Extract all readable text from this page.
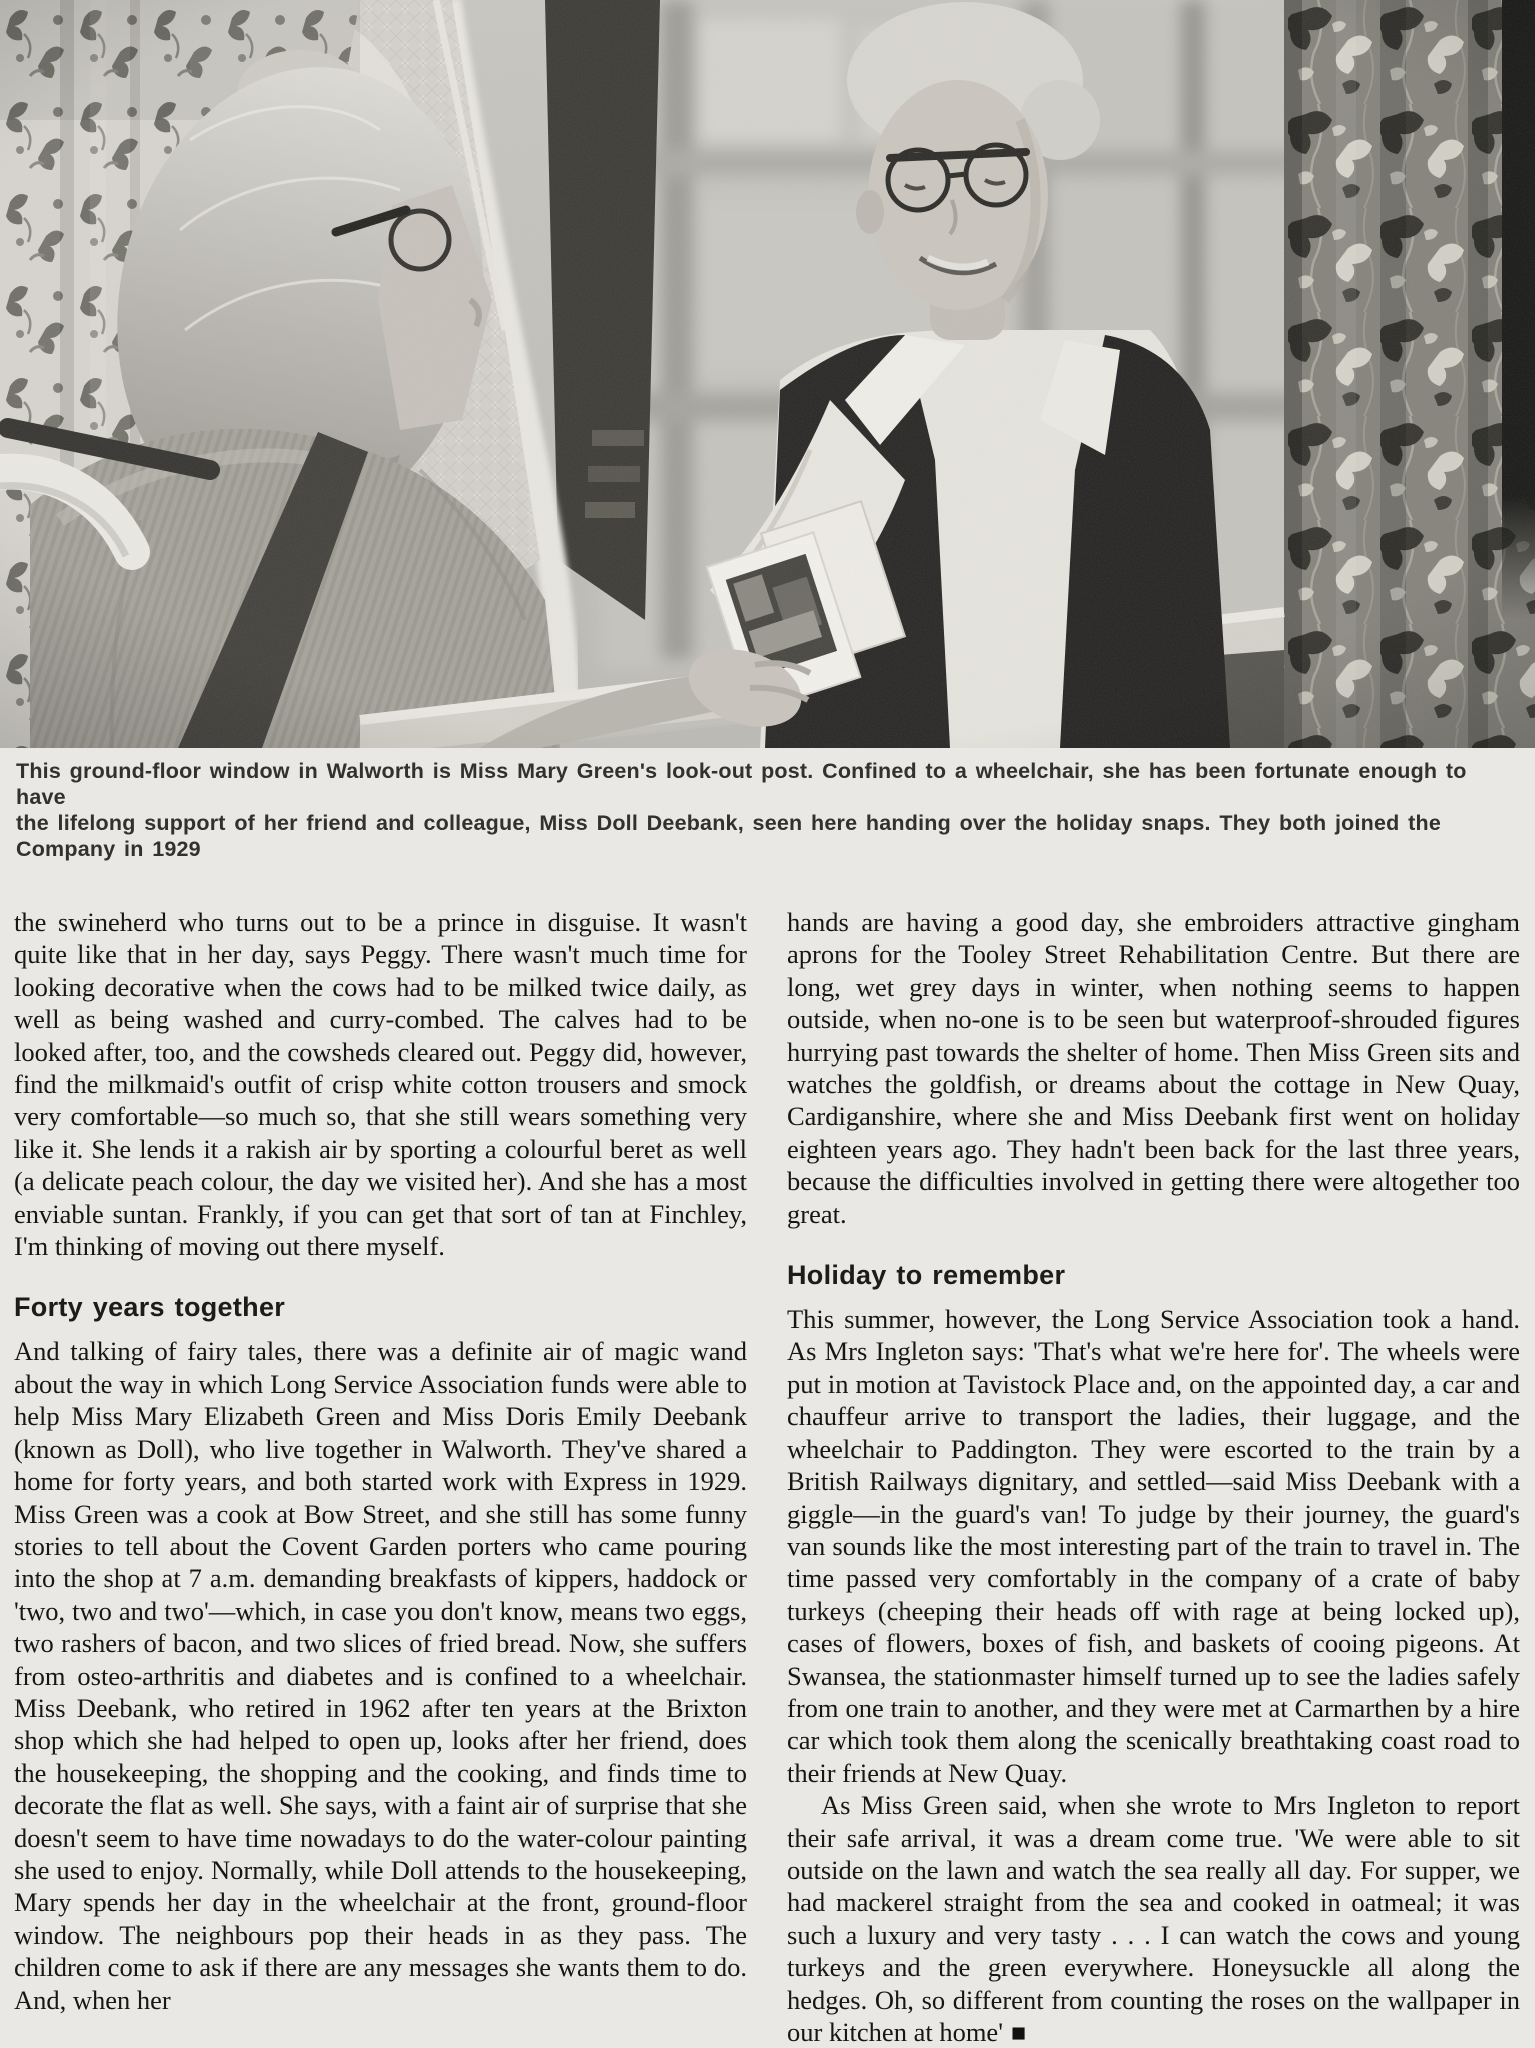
This ground-floor window in Walworth is Miss Mary Green's look-out post. Confined to a wheelchair, she has been fortunate enough to have
the lifelong support of her friend and colleague, Miss Doll Deebank, seen here handing over the holiday snaps. They both joined the Company in 1929

the swineherd who turns out to be a prince in disguise. It wasn't quite like that in her day, says Peggy. There wasn't much time for looking decorative when the cows had to be milked twice daily, as well as being washed and curry-combed. The calves had to be looked after, too, and the cowsheds cleared out. Peggy did, however, find the milkmaid's outfit of crisp white cotton trousers and smock very comfortable—so much so, that she still wears something very like it. She lends it a rakish air by sporting a colourful beret as well (a delicate peach colour, the day we visited her). And she has a most enviable suntan. Frankly, if you can get that sort of tan at Finchley, I'm thinking of moving out there myself.

Forty years together

And talking of fairy tales, there was a definite air of magic wand about the way in which Long Service Association funds were able to help Miss Mary Elizabeth Green and Miss Doris Emily Deebank (known as Doll), who live together in Walworth. They've shared a home for forty years, and both started work with Express in 1929. Miss Green was a cook at Bow Street, and she still has some funny stories to tell about the Covent Garden porters who came pouring into the shop at 7 a.m. demanding breakfasts of kippers, haddock or 'two, two and two'—which, in case you don't know, means two eggs, two rashers of bacon, and two slices of fried bread. Now, she suffers from osteo-arthritis and diabetes and is confined to a wheelchair. Miss Deebank, who retired in 1962 after ten years at the Brixton shop which she had helped to open up, looks after her friend, does the housekeeping, the shopping and the cooking, and finds time to decorate the flat as well. She says, with a faint air of surprise that she doesn't seem to have time nowadays to do the water-colour painting she used to enjoy. Normally, while Doll attends to the housekeeping, Mary spends her day in the wheelchair at the front, ground-floor window. The neighbours pop their heads in as they pass. The children come to ask if there are any messages she wants them to do. And, when her

hands are having a good day, she embroiders attractive gingham aprons for the Tooley Street Rehabilitation Centre. But there are long, wet grey days in winter, when nothing seems to happen outside, when no-one is to be seen but waterproof-shrouded figures hurrying past towards the shelter of home. Then Miss Green sits and watches the goldfish, or dreams about the cottage in New Quay, Cardiganshire, where she and Miss Deebank first went on holiday eighteen years ago. They hadn't been back for the last three years, because the difficulties involved in getting there were altogether too great.

Holiday to remember

This summer, however, the Long Service Association took a hand. As Mrs Ingleton says: 'That's what we're here for'. The wheels were put in motion at Tavistock Place and, on the appointed day, a car and chauffeur arrive to transport the ladies, their luggage, and the wheelchair to Paddington. They were escorted to the train by a British Railways dignitary, and settled—said Miss Deebank with a giggle—in the guard's van! To judge by their journey, the guard's van sounds like the most interesting part of the train to travel in. The time passed very comfortably in the company of a crate of baby turkeys (cheeping their heads off with rage at being locked up), cases of flowers, boxes of fish, and baskets of cooing pigeons. At Swansea, the stationmaster himself turned up to see the ladies safely from one train to another, and they were met at Carmarthen by a hire car which took them along the scenically breathtaking coast road to their friends at New Quay.

As Miss Green said, when she wrote to Mrs Ingleton to report their safe arrival, it was a dream come true. 'We were able to sit outside on the lawn and watch the sea really all day. For supper, we had mackerel straight from the sea and cooked in oatmeal; it was such a luxury and very tasty . . . I can watch the cows and young turkeys and the green everywhere. Honeysuckle all along the hedges. Oh, so different from counting the roses on the wallpaper in our kitchen at home' ■
